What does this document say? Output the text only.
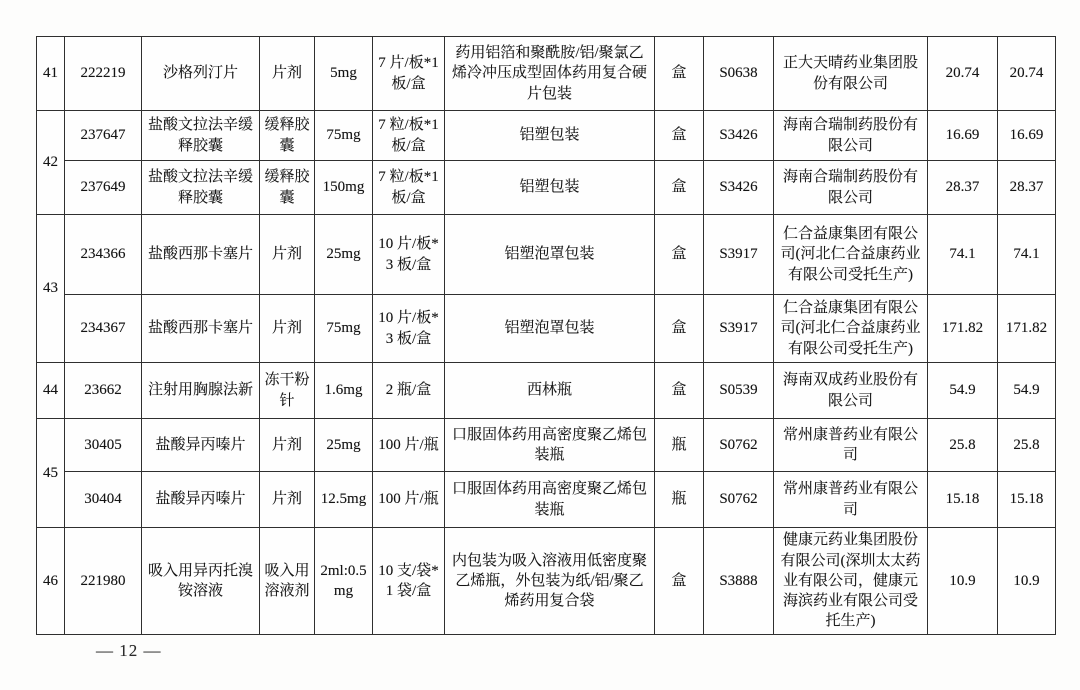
41	222219	沙格列汀片	片剂	5mg	7 片/板*1 板/盒	药用铝箔和聚酰胺/铝/聚氯乙烯冷冲压成型固体药用复合硬片包装	盒	S0638	正大天晴药业集团股份有限公司	20.74	20.74
42	237647	盐酸文拉法辛缓释胶囊	缓释胶囊	75mg	7 粒/板*1 板/盒	铝塑包装	盒	S3426	海南合瑞制药股份有限公司	16.69	16.69
	237649	盐酸文拉法辛缓释胶囊	缓释胶囊	150mg	7 粒/板*1 板/盒	铝塑包装	盒	S3426	海南合瑞制药股份有限公司	28.37	28.37
43	234366	盐酸西那卡塞片	片剂	25mg	10 片/板*3 板/盒	铝塑泡罩包装	盒	S3917	仁合益康集团有限公司(河北仁合益康药业有限公司受托生产)	74.1	74.1
	234367	盐酸西那卡塞片	片剂	75mg	10 片/板*3 板/盒	铝塑泡罩包装	盒	S3917	仁合益康集团有限公司(河北仁合益康药业有限公司受托生产)	171.82	171.82
44	23662	注射用胸腺法新	冻干粉针	1.6mg	2 瓶/盒	西林瓶	盒	S0539	海南双成药业股份有限公司	54.9	54.9
45	30405	盐酸异丙嗪片	片剂	25mg	100 片/瓶	口服固体药用高密度聚乙烯包装瓶	瓶	S0762	常州康普药业有限公司	25.8	25.8
	30404	盐酸异丙嗪片	片剂	12.5mg	100 片/瓶	口服固体药用高密度聚乙烯包装瓶	瓶	S0762	常州康普药业有限公司	15.18	15.18
46	221980	吸入用异丙托溴铵溶液	吸入用溶液剂	2ml:0.5mg	10 支/袋*1 袋/盒	内包装为吸入溶液用低密度聚乙烯瓶，外包装为纸/铝/聚乙烯药用复合袋	盒	S3888	健康元药业集团股份有限公司(深圳太太药业有限公司，健康元海滨药业有限公司受托生产)	10.9	10.9
— 12 —
